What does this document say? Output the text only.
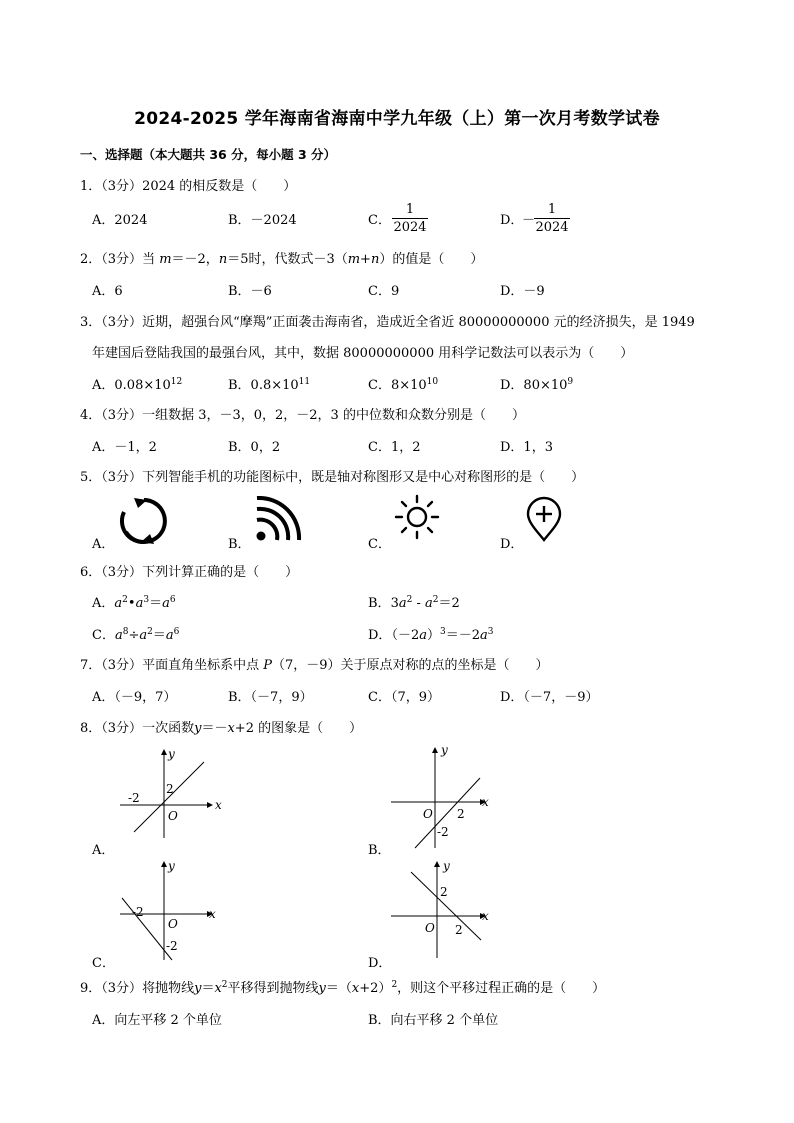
2024-2025 学年海南省海南中学九年级（上）第一次月考数学试卷
一、选择题（本大题共 36 分，每小题 3 分）
1．（3分）2024 的相反数是（　　）
A．2024	B．－2024	C．
1
2024	D．
－
1
2024
2．（3分）当 m＝－2，n＝5时，代数式－3（m+n）的值是（　　）
A．6	B．－6	C．9	D．－9
3．（3分）近期，超强台风“摩羯”正面袭击海南省，造成近全省近 80000000000 元的经济损失，是 1949
年建国后登陆我国的最强台风，其中，数据 80000000000 用科学记数法可以表示为（　　）
A．$0.08\times 10^{12}$	B．$0.8\times 10^{11}$	C．$8\times 10^{10}$	D．$80\times 10^9$
4．（3分）一组数据 3，－3，0，2，－2，3 的中位数和众数分别是（　　）
A．－1，2	B．0，2	C．1，2	D．1，3
5．（3分）下列智能手机的功能图标中，既是轴对称图形又是中心对称图形的是（　　）
A．	B．	C．	D．
6．（3分）下列计算正确的是（　　）
A．$a^2•a^3=a^6$	B．$3a^2 - a^2=2$
C．$a^8\div a^2=a^6$	D．$(-2a)^3=-2a^3$
7．（3分）平面直角坐标系中点 P（7，－9）关于原点对称的点的坐标是（　　）
A．（－9，7）	B．（－7，9）	C．（7，9）	D．（－7，－9）
8．（3分）一次函数y＝－x+2 的图象是（　　）
A．
x
y
O
2
-2
B．
x
y
O 2
-2
C．
x
y
O
-2
-2
D．
x
y
O
2
2
9．（3分）将抛物线$y=x^2$平移得到抛物线$y=(x+2)^2$，则这个平移过程正确的是（　　）
A．向左平移 2 个单位	B．向右平移 2 个单位
